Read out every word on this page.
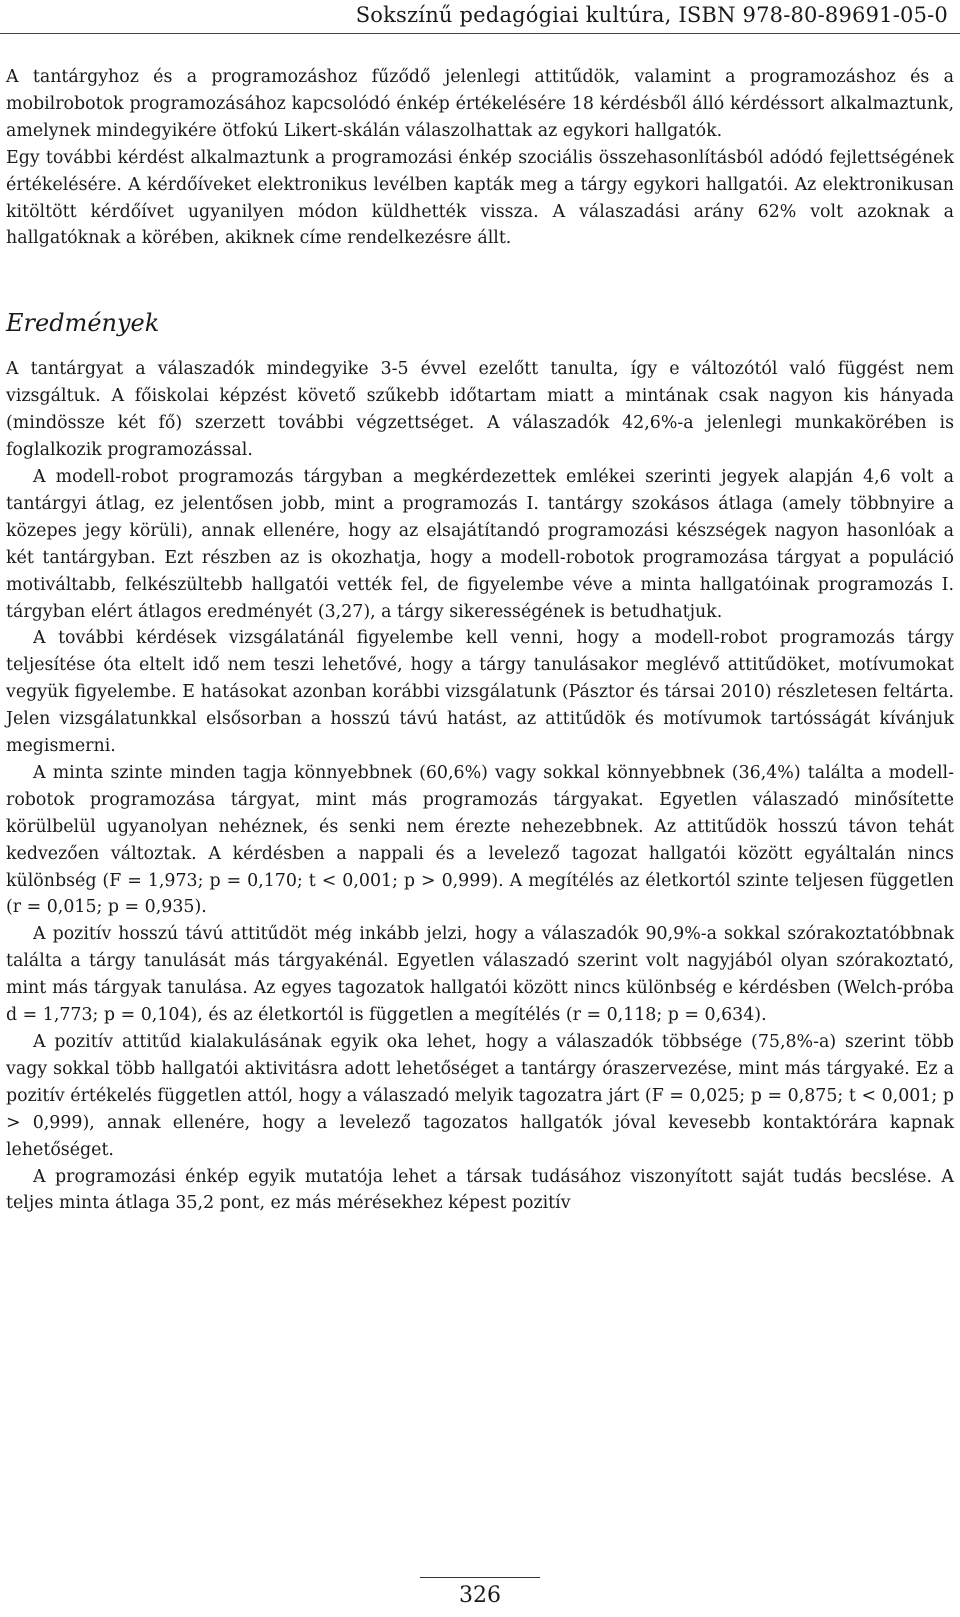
Sokszínű pedagógiai kultúra, ISBN 978-80-89691-05-0

A tantárgyhoz és a programozáshoz fűződő jelenlegi attitűdök, valamint a programozáshoz és a mobilrobotok programozásához kapcsolódó énkép értékelésére 18 kérdésből álló kérdéssort alkalmaztunk, amelynek mindegyikére ötfokú Likert-skálán válaszolhattak az egykori hallgatók.

Egy további kérdést alkalmaztunk a programozási énkép szociális összehasonlításból adódó fejlettségének értékelésére. A kérdőíveket elektronikus levélben kapták meg a tárgy egykori hallgatói. Az elektronikusan kitöltött kérdőívet ugyanilyen módon küldhették vissza. A válaszadási arány 62% volt azoknak a hallgatóknak a körében, akiknek címe rendelkezésre állt.

Eredmények

A tantárgyat a válaszadók mindegyike 3-5 évvel ezelőtt tanulta, így e változótól való függést nem vizsgáltuk. A főiskolai képzést követő szűkebb időtartam miatt a mintának csak nagyon kis hányada (mindössze két fő) szerzett további végzettséget. A válaszadók 42,6%-a jelenlegi munkakörében is foglalkozik programozással.

A modell-robot programozás tárgyban a megkérdezettek emlékei szerinti jegyek alapján 4,6 volt a tantárgyi átlag, ez jelentősen jobb, mint a programozás I. tantárgy szokásos átlaga (amely többnyire a közepes jegy körüli), annak ellenére, hogy az elsajátítandó programozási készségek nagyon hasonlóak a két tantárgyban. Ezt részben az is okozhatja, hogy a modell-robotok programozása tárgyat a populáció motiváltabb, felkészültebb hallgatói vették fel, de figyelembe véve a minta hallgatóinak programozás I. tárgyban elért átlagos eredményét (3,27), a tárgy sikerességének is betudhatjuk.

A további kérdések vizsgálatánál figyelembe kell venni, hogy a modell-robot programozás tárgy teljesítése óta eltelt idő nem teszi lehetővé, hogy a tárgy tanulásakor meglévő attitűdöket, motívumokat vegyük figyelembe. E hatásokat azonban korábbi vizsgálatunk (Pásztor és társai 2010) részletesen feltárta. Jelen vizsgálatunkkal elsősorban a hosszú távú hatást, az attitűdök és motívumok tartósságát kívánjuk megismerni.

A minta szinte minden tagja könnyebbnek (60,6%) vagy sokkal könnyebbnek (36,4%) találta a modell-robotok programozása tárgyat, mint más programozás tárgyakat. Egyetlen válaszadó minősítette körülbelül ugyanolyan nehéznek, és senki nem érezte nehezebbnek. Az attitűdök hosszú távon tehát kedvezően változtak. A kérdésben a nappali és a levelező tagozat hallgatói között egyáltalán nincs különbség (F = 1,973; p = 0,170; t < 0,001; p > 0,999). A megítélés az életkortól szinte teljesen független (r = 0,015; p = 0,935).

A pozitív hosszú távú attitűdöt még inkább jelzi, hogy a válaszadók 90,9%-a sokkal szórakoztatóbbnak találta a tárgy tanulását más tárgyakénál. Egyetlen válaszadó szerint volt nagyjából olyan szórakoztató, mint más tárgyak tanulása. Az egyes tagozatok hallgatói között nincs különbség e kérdésben (Welch-próba d = 1,773; p = 0,104), és az életkortól is független a megítélés (r = 0,118; p = 0,634).

A pozitív attitűd kialakulásának egyik oka lehet, hogy a válaszadók többsége (75,8%-a) szerint több vagy sokkal több hallgatói aktivitásra adott lehetőséget a tantárgy óraszervezése, mint más tárgyaké. Ez a pozitív értékelés független attól, hogy a válaszadó melyik tagozatra járt (F = 0,025; p = 0,875; t < 0,001; p > 0,999), annak ellenére, hogy a levelező tagozatos hallgatók jóval kevesebb kontaktórára kapnak lehetőséget.

A programozási énkép egyik mutatója lehet a társak tudásához viszonyított saját tudás becslése. A teljes minta átlaga 35,2 pont, ez más mérésekhez képest pozitív

326
